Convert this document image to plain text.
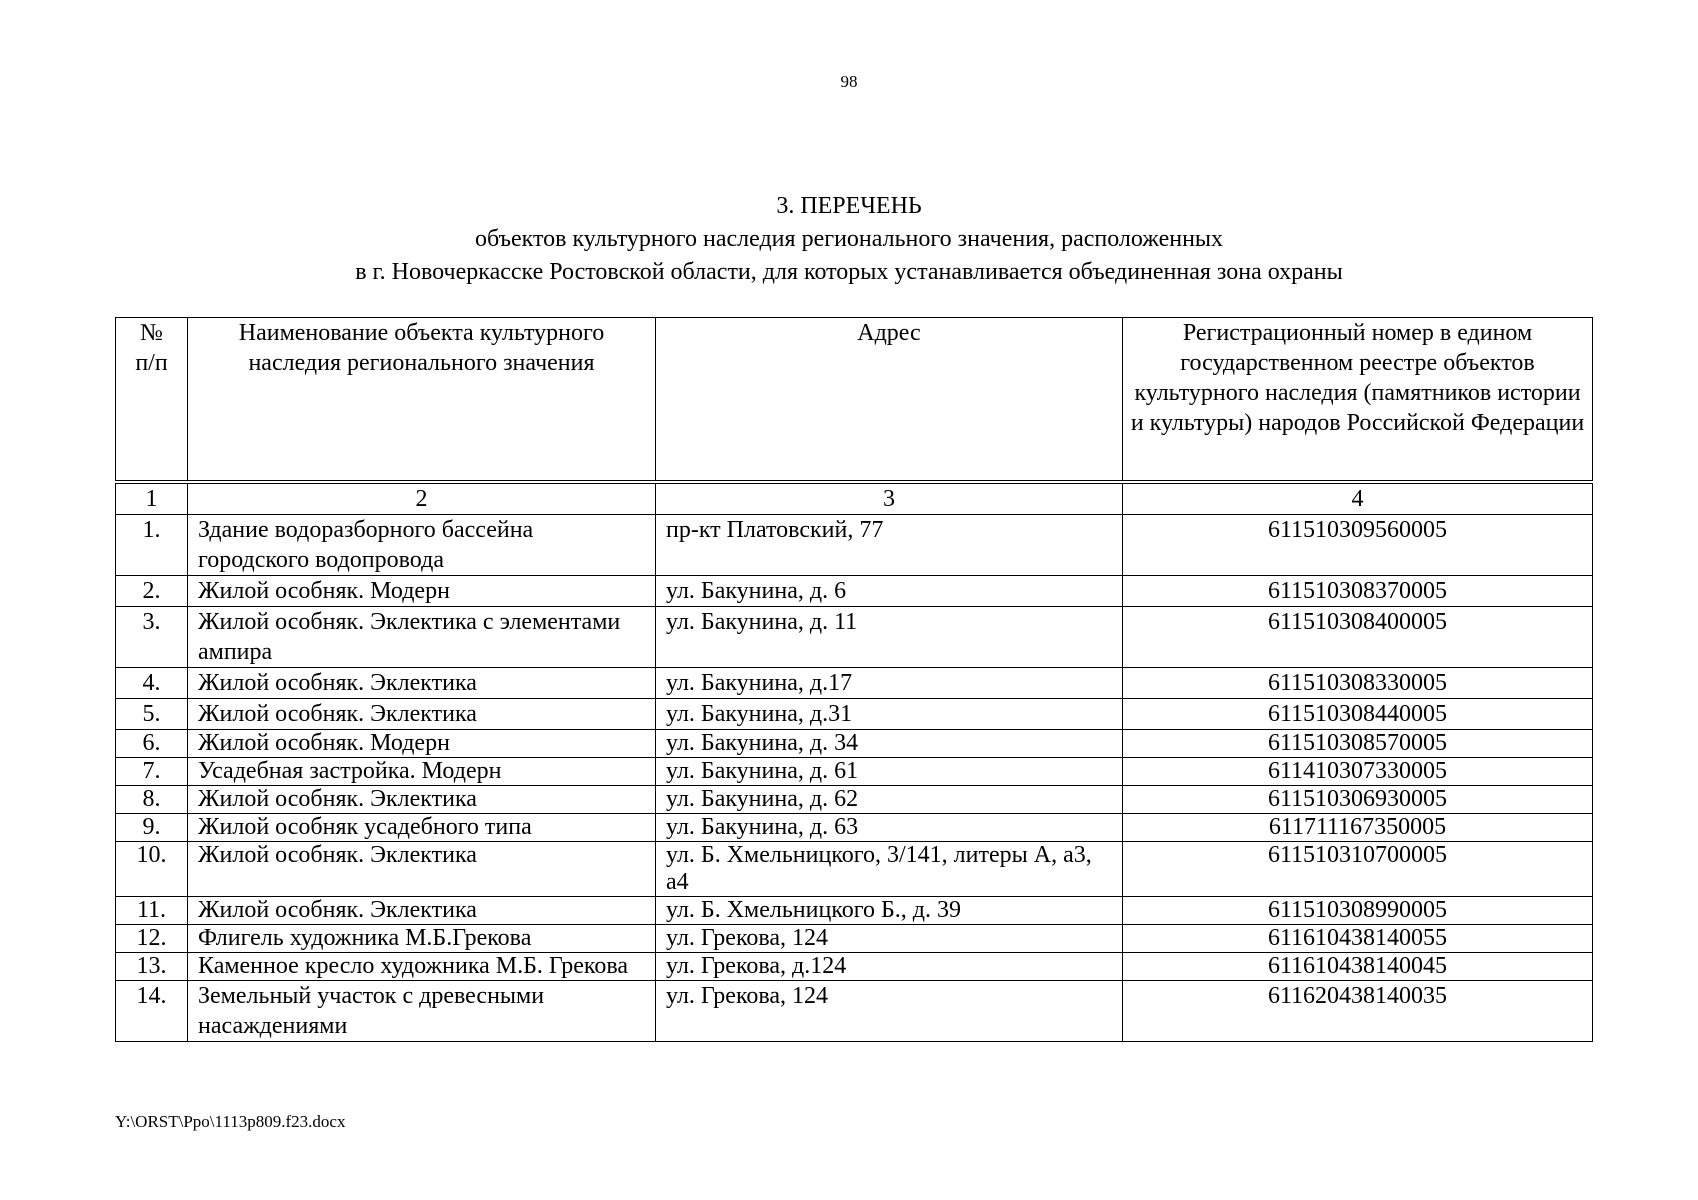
98
3. ПЕРЕЧЕНЬ
объектов культурного наследия регионального значения, расположенных
в г. Новочеркасске Ростовской области, для которых устанавливается объединенная зона охраны
№ п/п	Наименование объекта культурного наследия регионального значения	Адрес	Регистрационный номер в едином государственном реестре объектов культурного наследия (памятников истории и культуры) народов Российской Федерации
1	2	3	4
1.	Здание водоразборного бассейна городского водопровода	пр-кт Платовский, 77	611510309560005
2.	Жилой особняк. Модерн	ул. Бакунина, д. 6	611510308370005
3.	Жилой особняк. Эклектика с элементами ампира	ул. Бакунина, д. 11	611510308400005
4.	Жилой особняк. Эклектика	ул. Бакунина, д.17	611510308330005
5.	Жилой особняк. Эклектика	ул. Бакунина, д.31	611510308440005
6.	Жилой особняк. Модерн	ул. Бакунина, д. 34	611510308570005
7.	Усадебная застройка. Модерн	ул. Бакунина, д. 61	611410307330005
8.	Жилой особняк. Эклектика	ул. Бакунина, д. 62	611510306930005
9.	Жилой особняк усадебного типа	ул. Бакунина, д. 63	611711167350005
10.	Жилой особняк. Эклектика	ул. Б. Хмельницкого, 3/141, литеры А, а3, а4	611510310700005
11.	Жилой особняк. Эклектика	ул. Б. Хмельницкого Б., д. 39	611510308990005
12.	Флигель художника М.Б.Грекова	ул. Грекова, 124	611610438140055
13.	Каменное кресло художника М.Б. Грекова	ул. Грекова, д.124	611610438140045
14.	Земельный участок с древесными насаждениями	ул. Грекова, 124	611620438140035
Y:\ORST\Ppo\1113p809.f23.docx
